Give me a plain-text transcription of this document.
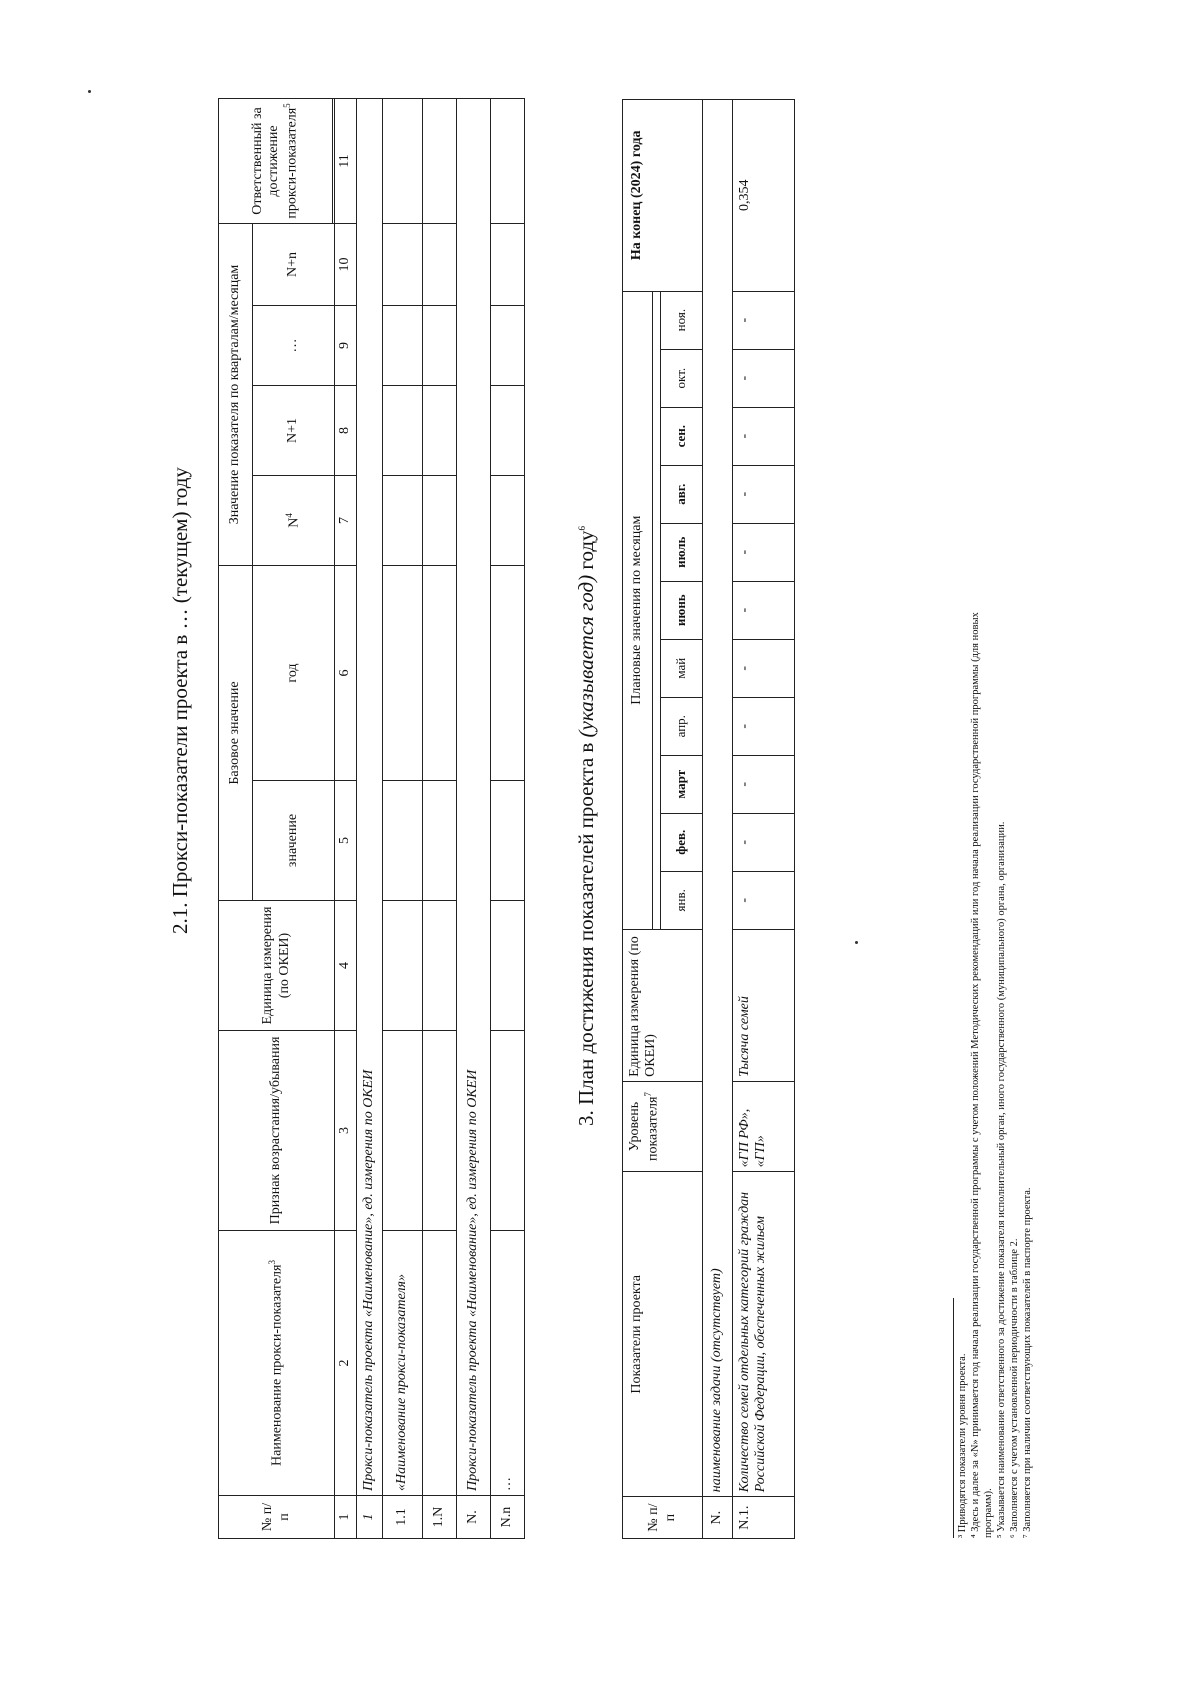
2.1. Прокси-показатели проекта в … (текущем) году
№ п/п	Наименование прокси-показателя$^3$	Признак возрастания/убывания	Единица измерения (по ОКЕИ)	Базовое значение		Значение показателя по кварталам/месяцам				Ответственный за достижение прокси-показателя$^5$
				значение	год	$N^4$	N+1	…	N+n	

1	2	3	4	5	6	7	8	9	10	11
1	Прокси-показатель проекта «Наименование», ед. измерения по ОКЕИ									
1.1	«Наименование прокси-показателя»									
1.N										
N.	Прокси-показатель проекта «Наименование», ед. измерения по ОКЕИ									
N.n	…									
3. План достижения показателей проекта в (указывается год) году$^6$
№ п/п	Показатели проекта	Уровень показателя$^7$	Единица измерения (по ОКЕИ)	Плановые значения по месяцам											На конец (2024) года

				янв.	фев.	март	апр.	май	июнь	июль	авг.	сен.	окт.	ноя.	
N.	наименование задачи (отсутствует)														
N.1.	Количество семей отдельных категорий граждан Российской Федерации, обеспеченных жильем	«ГП РФ», «ГП»	Тысяча семей	-	-	-	-	-	-	-	-	-	-	-	0,354
³ Приводятся показатели уровня проекта. ⁴ Здесь и далее за «N» принимается год начала реализации государственной программы с учетом положений Методических рекомендаций или год начала реализации государственной программы (для новых программ). ⁵ Указывается наименование ответственного за достижение показателя исполнительный орган, иного государственного (муниципального) органа, организации. ⁶ Заполняется с учетом установленной периодичности в таблице 2. ⁷ Заполняется при наличии соответствующих показателей в паспорте проекта.
